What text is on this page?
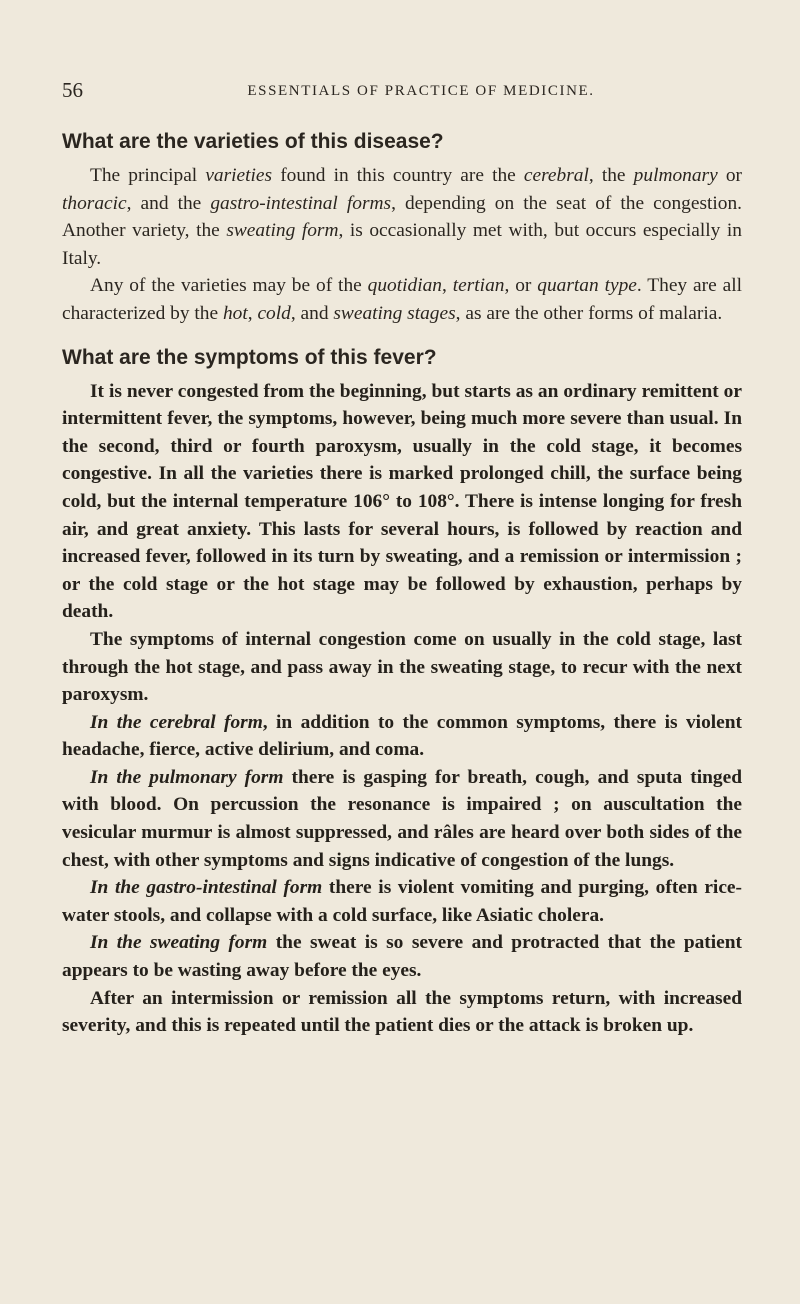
56	ESSENTIALS OF PRACTICE OF MEDICINE.
What are the varieties of this disease?

The principal varieties found in this country are the cerebral, the pulmonary or thoracic, and the gastro-intestinal forms, depending on the seat of the congestion. Another variety, the sweating form, is occasionally met with, but occurs especially in Italy.

Any of the varieties may be of the quotidian, tertian, or quartan type. They are all characterized by the hot, cold, and sweating stages, as are the other forms of malaria.

What are the symptoms of this fever?

It is never congested from the beginning, but starts as an ordinary remittent or intermittent fever, the symptoms, however, being much more severe than usual. In the second, third or fourth paroxysm, usually in the cold stage, it becomes congestive. In all the varieties there is marked prolonged chill, the surface being cold, but the internal temperature 106° to 108°. There is intense longing for fresh air, and great anxiety. This lasts for several hours, is followed by reaction and increased fever, followed in its turn by sweating, and a remission or intermission ; or the cold stage or the hot stage may be followed by exhaustion, perhaps by death.

The symptoms of internal congestion come on usually in the cold stage, last through the hot stage, and pass away in the sweating stage, to recur with the next paroxysm.

In the cerebral form, in addition to the common symptoms, there is violent headache, fierce, active delirium, and coma.

In the pulmonary form there is gasping for breath, cough, and sputa tinged with blood. On percussion the resonance is impaired ; on auscultation the vesicular murmur is almost suppressed, and râles are heard over both sides of the chest, with other symptoms and signs indicative of congestion of the lungs.

In the gastro-intestinal form there is violent vomiting and purging, often rice-water stools, and collapse with a cold surface, like Asiatic cholera.

In the sweating form the sweat is so severe and protracted that the patient appears to be wasting away before the eyes.

After an intermission or remission all the symptoms return, with increased severity, and this is repeated until the patient dies or the attack is broken up.
